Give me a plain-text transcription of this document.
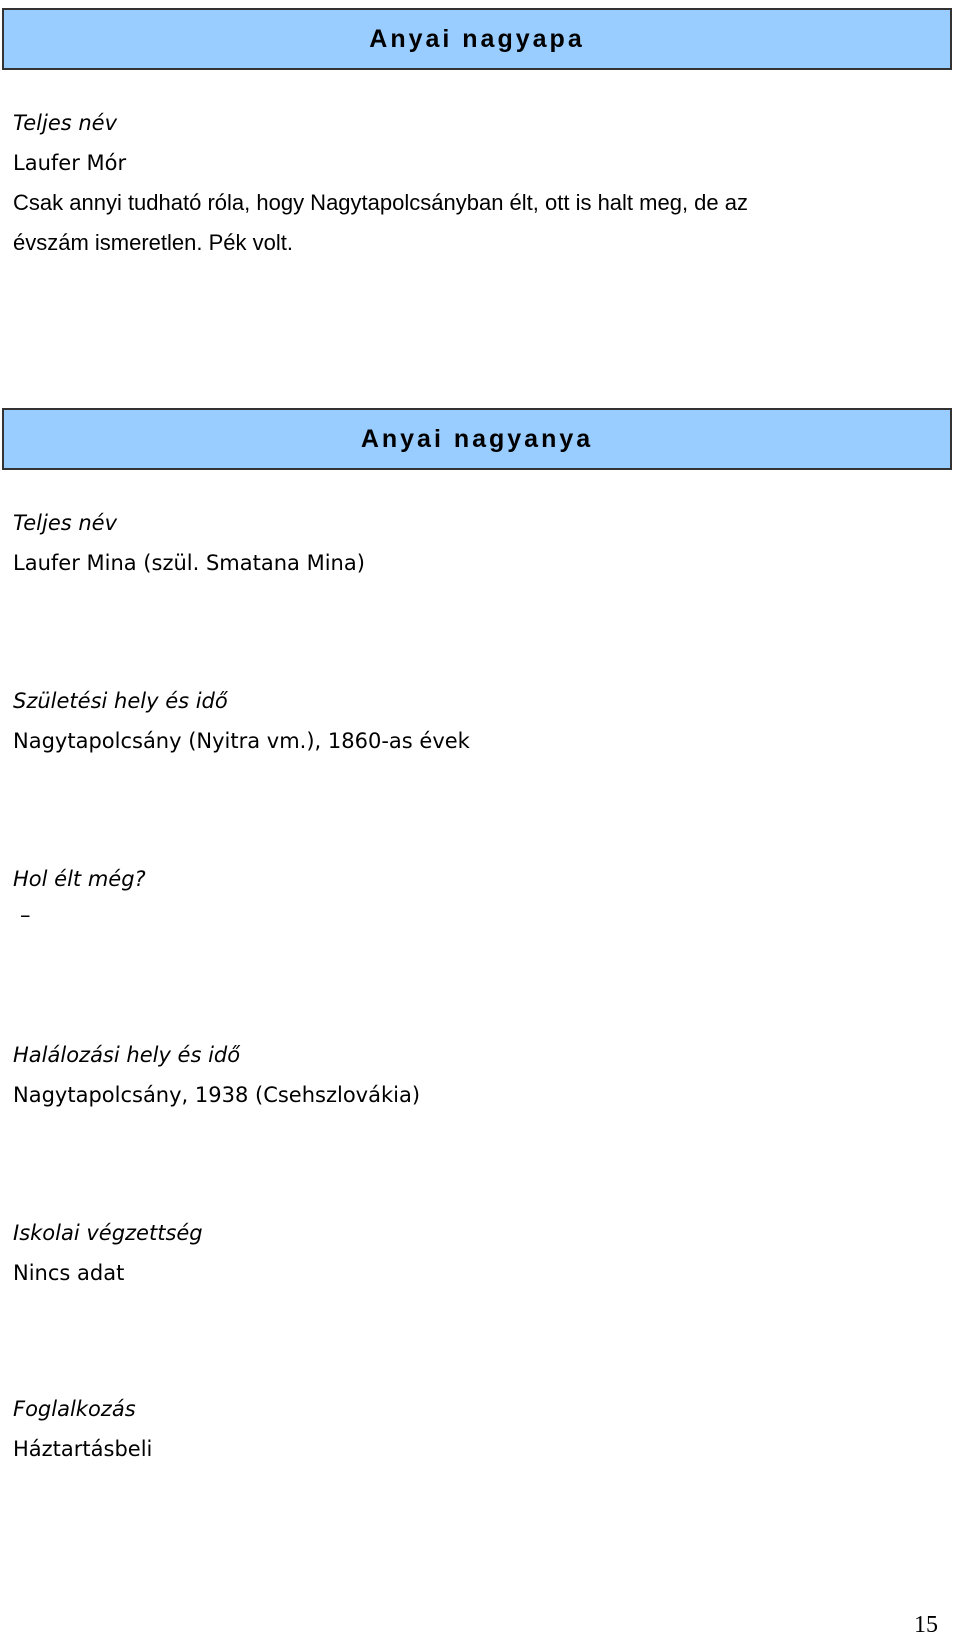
Anyai nagyapa
Teljes név
Laufer Mór
Csak annyi tudható róla, hogy Nagytapolcsányban élt, ott is halt meg, de az
évszám ismeretlen. Pék volt.
Anyai nagyanya
Teljes név
Laufer Mina (szül. Smatana Mina)
Születési hely és idő
Nagytapolcsány (Nyitra vm.), 1860-as évek
Hol élt még?
–
Halálozási hely és idő
Nagytapolcsány, 1938 (Csehszlovákia)
Iskolai végzettség
Nincs adat
Foglalkozás
Háztartásbeli
15
